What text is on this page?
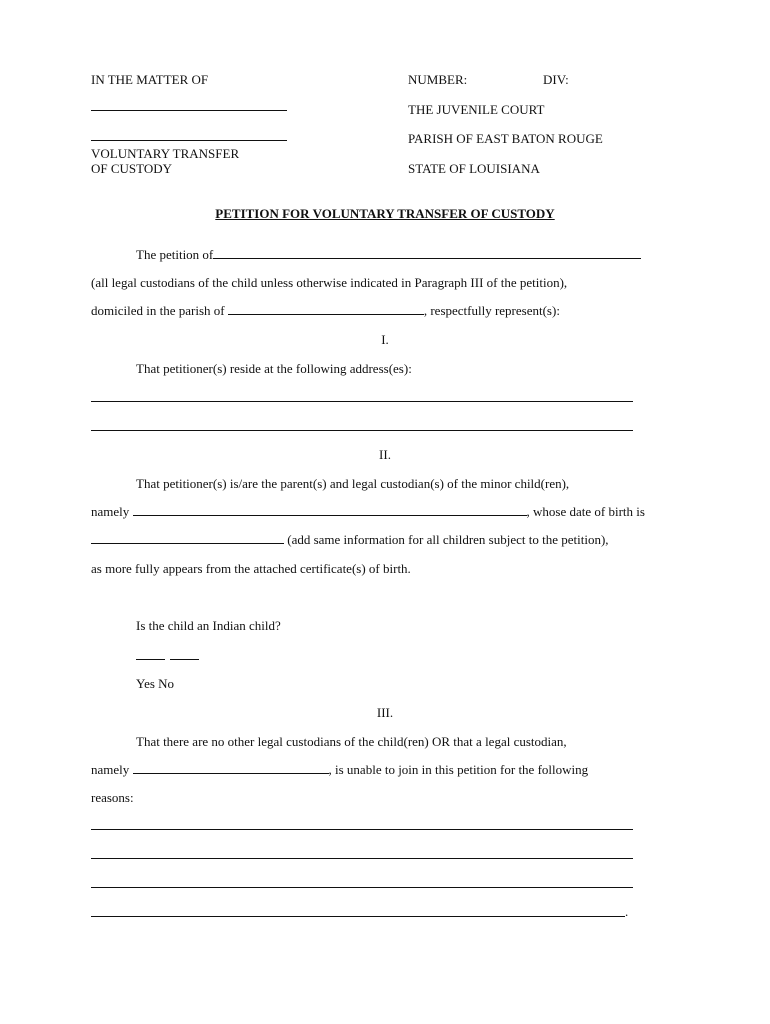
IN THE MATTER OF
VOLUNTARY TRANSFER
OF CUSTODY
NUMBER:	DIV:
THE JUVENILE COURT
PARISH OF EAST BATON ROUGE
STATE OF LOUISIANA
PETITION FOR VOLUNTARY TRANSFER OF CUSTODY
The petition of
(all legal custodians of the child unless otherwise indicated in Paragraph III of the petition),
domiciled in the parish of	, respectfully represent(s):
I.
That petitioner(s) reside at the following address(es):
II.
That petitioner(s) is/are the parent(s) and legal custodian(s) of the minor child(ren),
namely	, whose date of birth is
(add same information for all children subject to the petition),
as more fully appears from the attached certificate(s) of birth.
Is the child an Indian child?
Yes No
III.
That there are no other legal custodians of the child(ren) OR that a legal custodian,
namely	, is unable to join in this petition for the following
reasons:
.
